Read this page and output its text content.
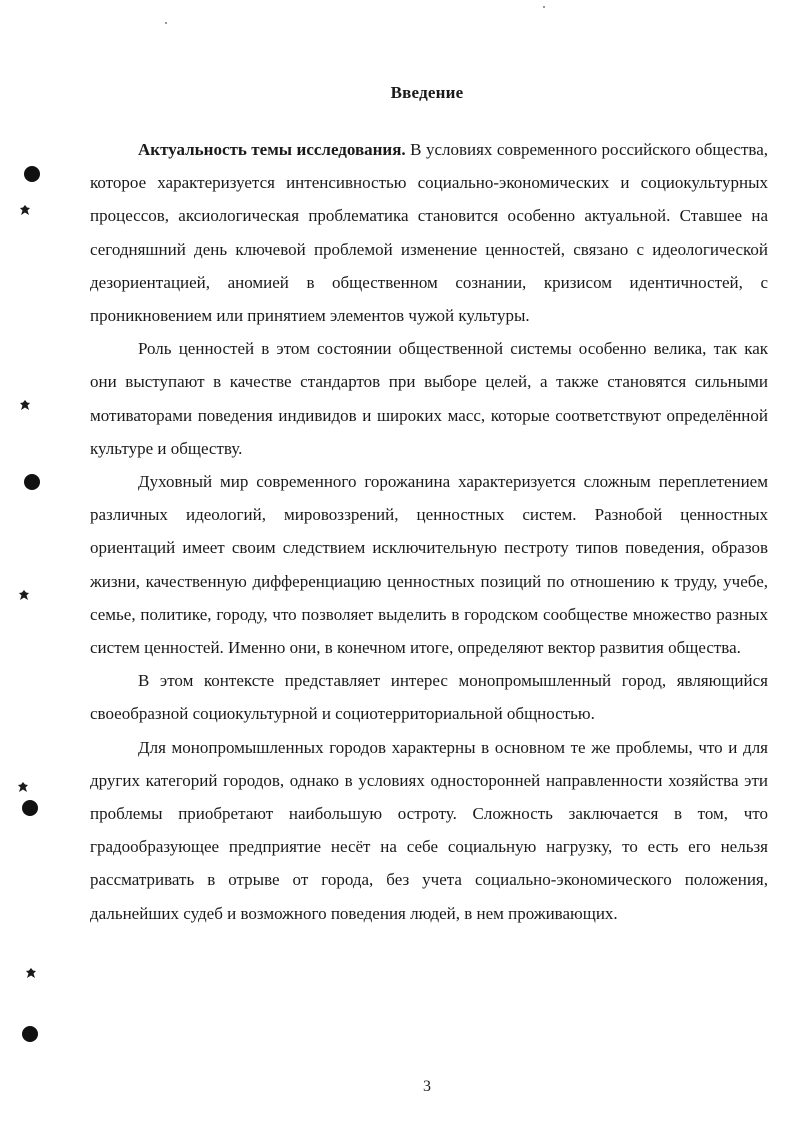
Введение

Актуальность темы исследования. В условиях современного российского общества, которое характеризуется интенсивностью социально-экономических и социокультурных процессов, аксиологическая проблематика становится особенно актуальной. Ставшее на сегодняшний день ключевой проблемой изменение ценностей, связано с идеологической дезориентацией, аномией в общественном сознании, кризисом идентичностей, с проникновением или принятием элементов чужой культуры.

Роль ценностей в этом состоянии общественной системы особенно велика, так как они выступают в качестве стандартов при выборе целей, а также становятся сильными мотиваторами поведения индивидов и широких масс, которые соответствуют определённой культуре и обществу.

Духовный мир современного горожанина характеризуется сложным переплетением различных идеологий, мировоззрений, ценностных систем. Разнобой ценностных ориентаций имеет своим следствием исключительную пестроту типов поведения, образов жизни, качественную дифференциацию ценностных позиций по отношению к труду, учебе, семье, политике, городу, что позволяет выделить в городском сообществе множество разных систем ценностей. Именно они, в конечном итоге, определяют вектор развития общества.

В этом контексте представляет интерес монопромышленный город, являющийся своеобразной социокультурной и социотерриториальной общностью.

Для монопромышленных городов характерны в основном те же проблемы, что и для других категорий городов, однако в условиях односторонней направленности хозяйства эти проблемы приобретают наибольшую остроту. Сложность заключается в том, что градообразующее предприятие несёт на себе социальную нагрузку, то есть его нельзя рассматривать в отрыве от города, без учета социально-экономического положения, дальнейших судеб и возможного поведения людей, в нем проживающих.

3
